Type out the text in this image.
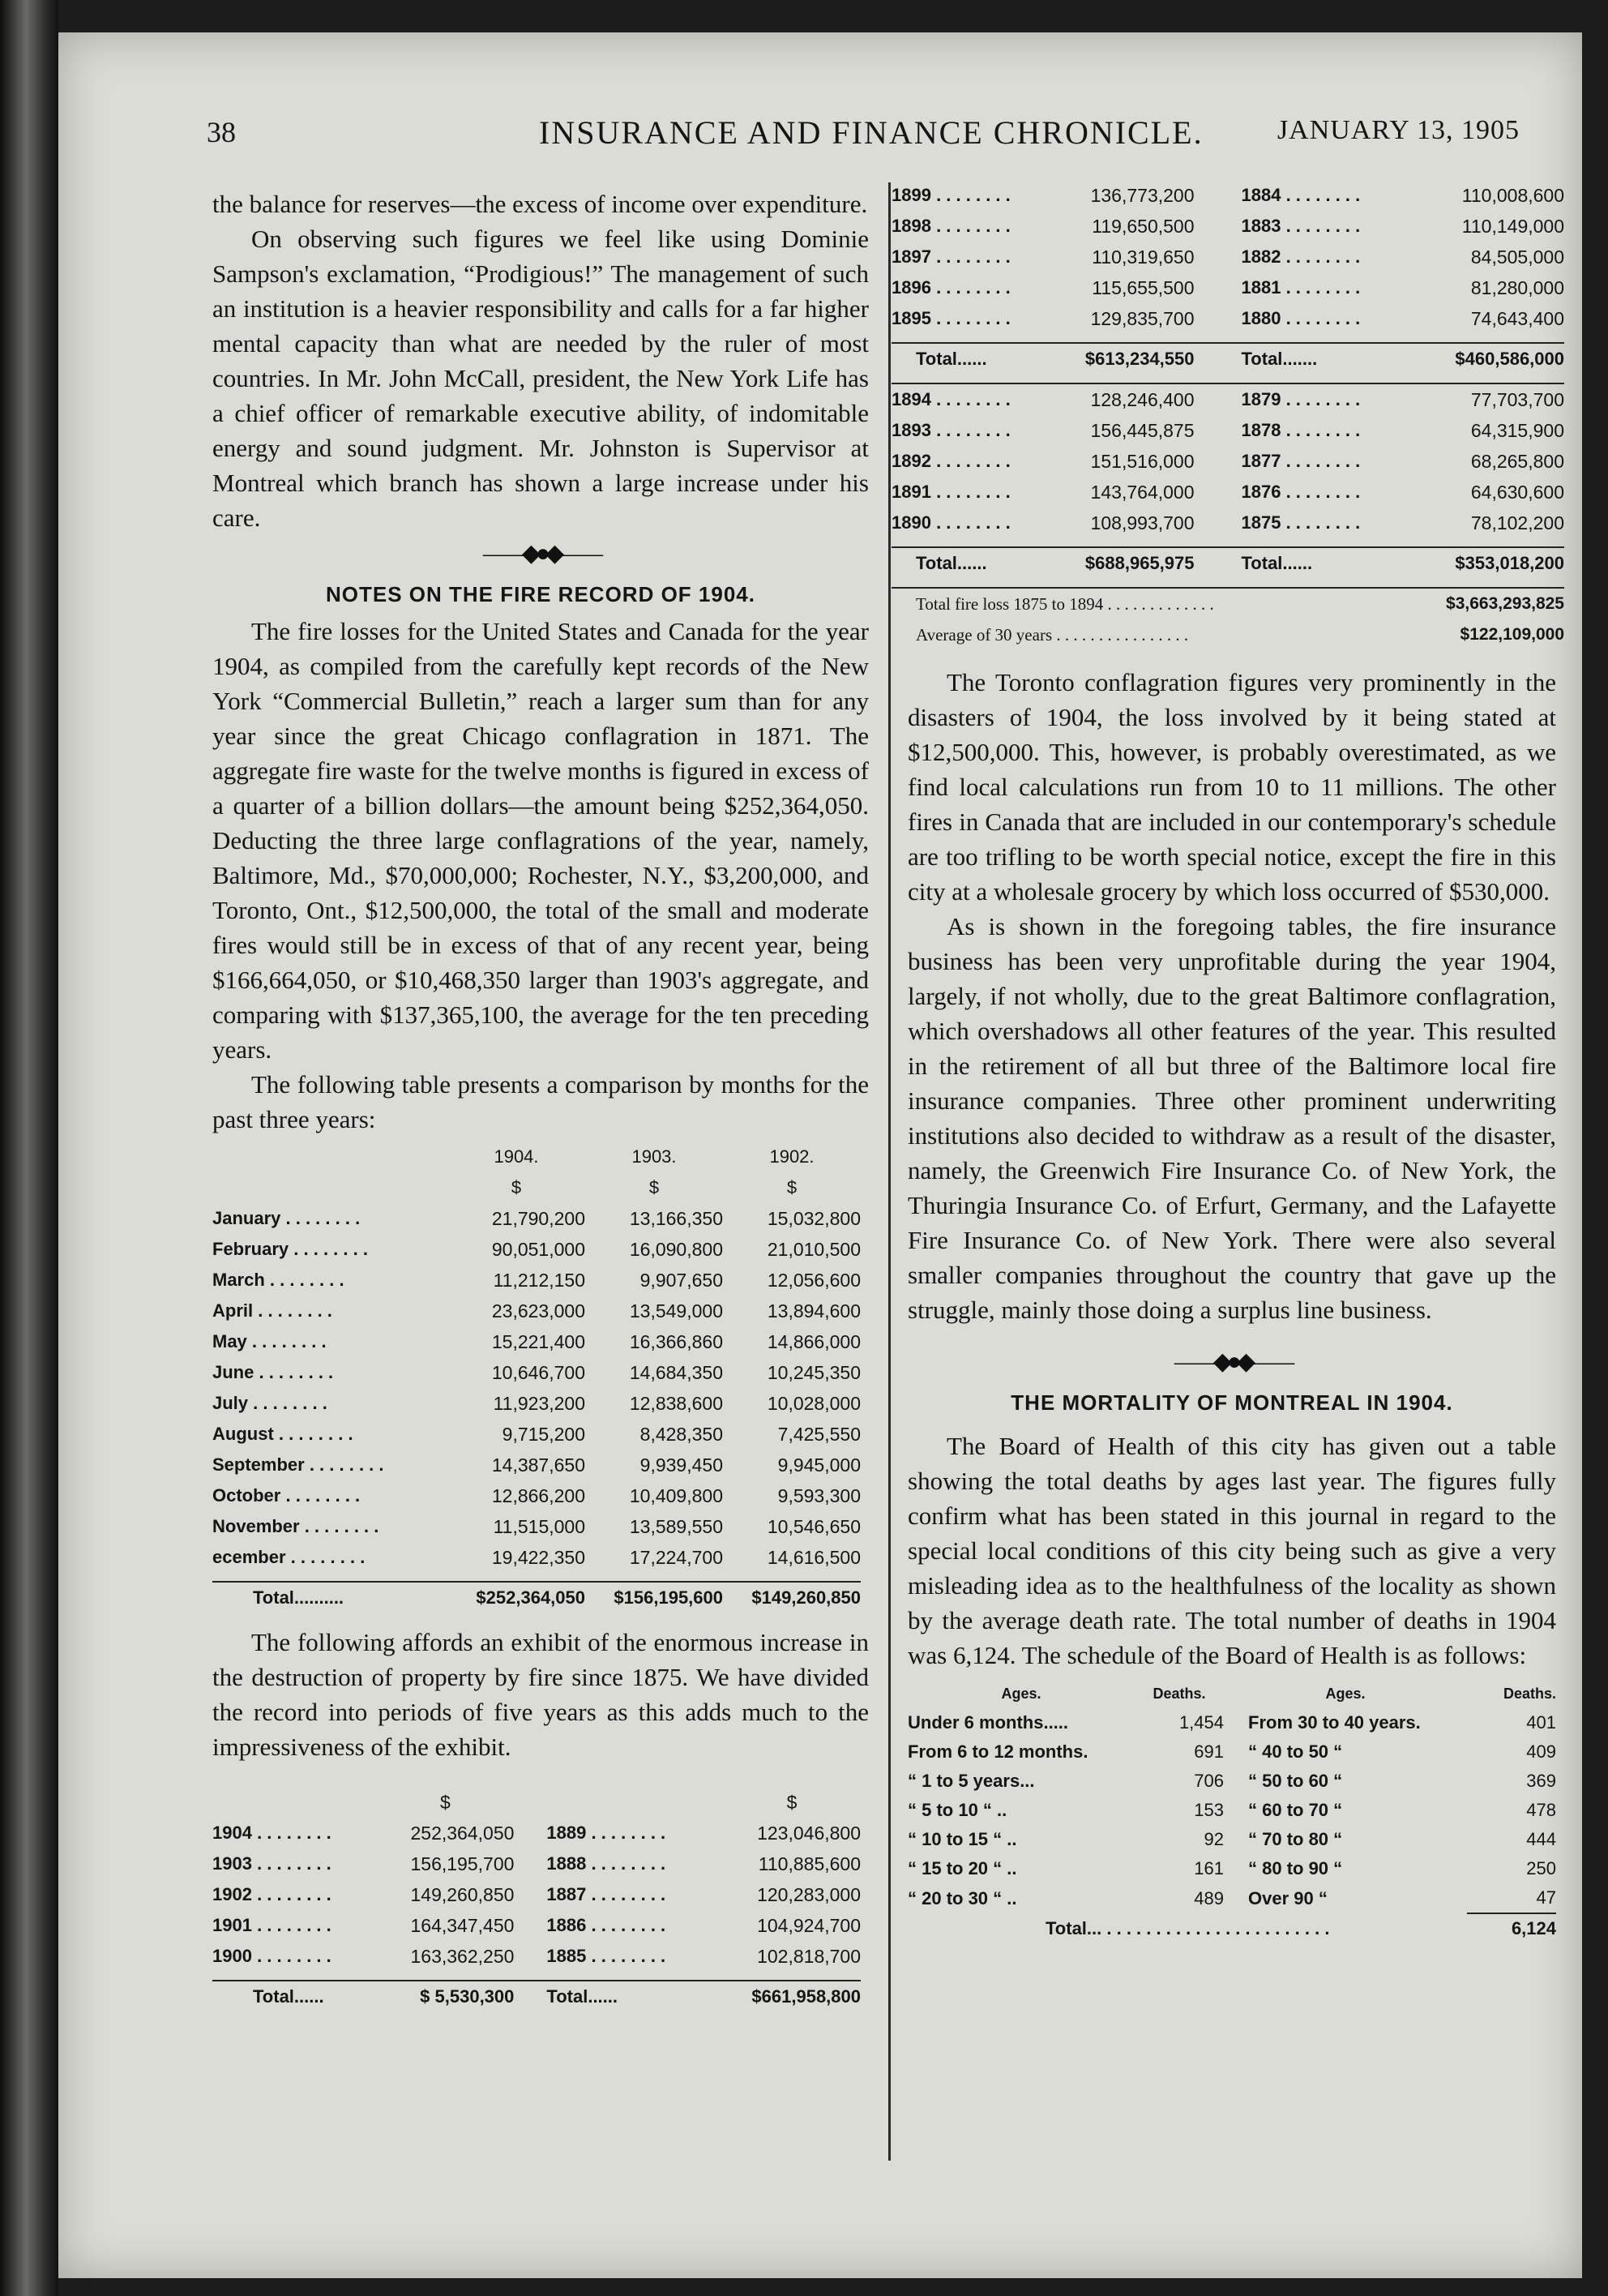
38	INSURANCE AND FINANCE CHRONICLE.	JANUARY 13, 1905

the balance for reserves—the excess of income over expenditure.

On observing such figures we feel like using Dominie Sampson's exclamation, “Prodigious!” The management of such an institution is a heavier responsibility and calls for a far higher mental capacity than what are needed by the ruler of most countries. In Mr. John McCall, president, the New York Life has a chief officer of remarkable executive ability, of indomitable energy and sound judgment. Mr. Johnston is Supervisor at Montreal which branch has shown a large increase under his care.

——◆●◆——
NOTES ON THE FIRE RECORD OF 1904.

The fire losses for the United States and Canada for the year 1904, as compiled from the carefully kept records of the New York “Commercial Bulletin,” reach a larger sum than for any year since the great Chicago conflagration in 1871. The aggregate fire waste for the twelve months is figured in excess of a quarter of a billion dollars—the amount being $252,364,050. Deducting the three large conflagrations of the year, namely, Baltimore, Md., $70,000,000; Rochester, N.Y., $3,200,000, and Toronto, Ont., $12,500,000, the total of the small and moderate fires would still be in excess of that of any recent year, being $166,664,050, or $10,468,350 larger than 1903's aggregate, and comparing with $137,365,100, the average for the ten preceding years.

The following table presents a comparison by months for the past three years:

	1904.	1903.	1902.
	$	$	$
January . . . . . . . .	21,790,200	13,166,350	15,032,800
February . . . . . . . .	90,051,000	16,090,800	21,010,500
March . . . . . . . .	11,212,150	9,907,650	12,056,600
April . . . . . . . .	23,623,000	13,549,000	13,894,600
May . . . . . . . .	15,221,400	16,366,860	14,866,000
June . . . . . . . .	10,646,700	14,684,350	10,245,350
July . . . . . . . .	11,923,200	12,838,600	10,028,000
August . . . . . . . .	9,715,200	8,428,350	7,425,550
September . . . . . . . .	14,387,650	9,939,450	9,945,000
October . . . . . . . .	12,866,200	10,409,800	9,593,300
November . . . . . . . .	11,515,000	13,589,550	10,546,650
ecember . . . . . . . .	19,422,350	17,224,700	14,616,500

Total..........	$252,364,050	$156,195,600	$149,260,850

The following affords an exhibit of the enormous increase in the destruction of property by fire since 1875. We have divided the record into periods of five years as this adds much to the impressiveness of the exhibit.

	$		$
1904 . . . . . . . .	252,364,050	1889 . . . . . . . .	123,046,800
1903 . . . . . . . .	156,195,700	1888 . . . . . . . .	110,885,600
1902 . . . . . . . .	149,260,850	1887 . . . . . . . .	120,283,000
1901 . . . . . . . .	164,347,450	1886 . . . . . . . .	104,924,700
1900 . . . . . . . .	163,362,250	1885 . . . . . . . .	102,818,700

Total......	$ 5,530,300	Total......	$661,958,800
1899 . . . . . . . .	136,773,200		1884 . . . . . . . .	110,008,600
1898 . . . . . . . .	119,650,500		1883 . . . . . . . .	110,149,000
1897 . . . . . . . .	110,319,650		1882 . . . . . . . .	84,505,000
1896 . . . . . . . .	115,655,500		1881 . . . . . . . .	81,280,000
1895 . . . . . . . .	129,835,700		1880 . . . . . . . .	74,643,400

Total......	$613,234,550		Total.......	$460,586,000

1894 . . . . . . . .	128,246,400		1879 . . . . . . . .	77,703,700
1893 . . . . . . . .	156,445,875		1878 . . . . . . . .	64,315,900
1892 . . . . . . . .	151,516,000		1877 . . . . . . . .	68,265,800
1891 . . . . . . . .	143,764,000		1876 . . . . . . . .	64,630,600
1890 . . . . . . . .	108,993,700		1875 . . . . . . . .	78,102,200

Total......	$688,965,975		Total......	$353,018,200

Total fire loss 1875 to 1894 . . . . . . . . . . . . .				$3,663,293,825
Average of 30 years . . . . . . . . . . . . . . . .				$122,109,000

The Toronto conflagration figures very prominently in the disasters of 1904, the loss involved by it being stated at $12,500,000. This, however, is probably overestimated, as we find local calculations run from 10 to 11 millions. The other fires in Canada that are included in our contemporary's schedule are too trifling to be worth special notice, except the fire in this city at a wholesale grocery by which loss occurred of $530,000.

As is shown in the foregoing tables, the fire insurance business has been very unprofitable during the year 1904, largely, if not wholly, due to the great Baltimore conflagration, which overshadows all other features of the year. This resulted in the retirement of all but three of the Baltimore local fire insurance companies. Three other prominent underwriting institutions also decided to withdraw as a result of the disaster, namely, the Greenwich Fire Insurance Co. of New York, the Thuringia Insurance Co. of Erfurt, Germany, and the Lafayette Fire Insurance Co. of New York. There were also several smaller companies throughout the country that gave up the struggle, mainly those doing a surplus line business.

——◆●◆——
THE MORTALITY OF MONTREAL IN 1904.

The Board of Health of this city has given out a table showing the total deaths by ages last year. The figures fully confirm what has been stated in this journal in regard to the special local conditions of this city being such as give a very misleading idea as to the healthfulness of the locality as shown by the average death rate. The total number of deaths in 1904 was 6,124. The schedule of the Board of Health is as follows:

Ages.	Deaths.	Ages.	Deaths.
Under 6 months.....	1,454	From 30 to 40 years.	401
From 6 to 12 months.	691	“ 40 to 50 “	409
“ 1 to 5 years...	706	“ 50 to 60 “	369
“ 5 to 10 “ ..	153	“ 60 to 70 “	478
“ 10 to 15 “ ..	92	“ 70 to 80 “	444
“ 15 to 20 “ ..	161	“ 80 to 90 “	250
“ 20 to 30 “ ..	489	Over 90 “	47
Total... . . . . . . . . . . . . . . . . . . . . . . .			6,124
